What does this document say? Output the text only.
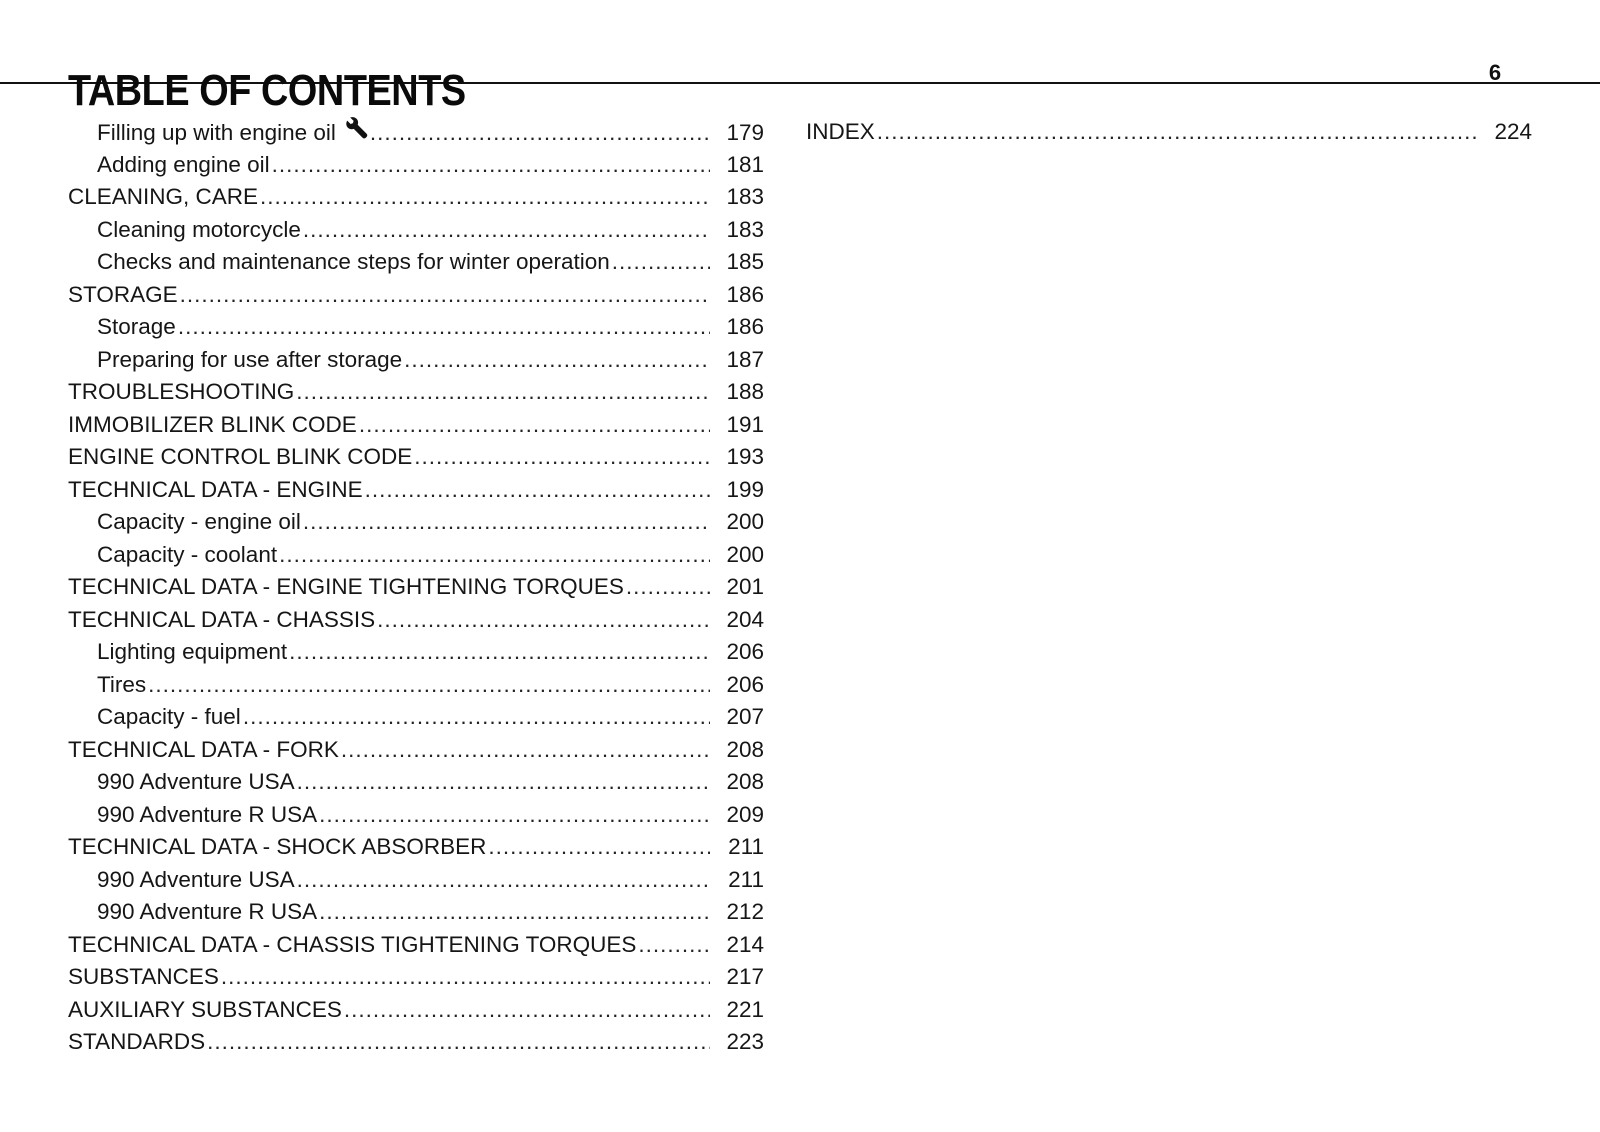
TABLE OF CONTENTS	6
Filling up with engine oil .....	179
Adding engine oil .....	181
CLEANING, CARE .....	183
Cleaning motorcycle .....	183
Checks and maintenance steps for winter operation .....	185
STORAGE .....	186
Storage .....	186
Preparing for use after storage .....	187
TROUBLESHOOTING .....	188
IMMOBILIZER BLINK CODE .....	191
ENGINE CONTROL BLINK CODE .....	193
TECHNICAL DATA - ENGINE .....	199
Capacity - engine oil .....	200
Capacity - coolant .....	200
TECHNICAL DATA - ENGINE TIGHTENING TORQUES .....	201
TECHNICAL DATA - CHASSIS .....	204
Lighting equipment .....	206
Tires .....	206
Capacity - fuel .....	207
TECHNICAL DATA - FORK .....	208
990 Adventure USA .....	208
990 Adventure R USA .....	209
TECHNICAL DATA - SHOCK ABSORBER .....	211
990 Adventure USA .....	211
990 Adventure R USA .....	212
TECHNICAL DATA - CHASSIS TIGHTENING TORQUES .....	214
SUBSTANCES .....	217
AUXILIARY SUBSTANCES .....	221
STANDARDS .....	223
INDEX .....	224
